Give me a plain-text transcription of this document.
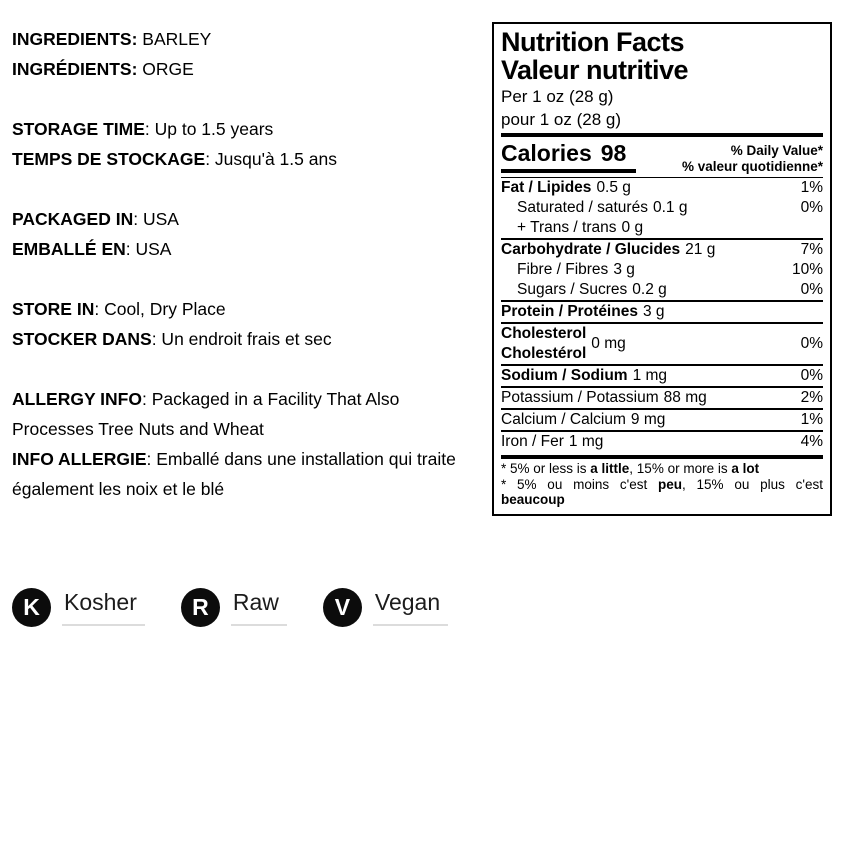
INGREDIENTS: BARLEY
INGRÉDIENTS: ORGE
STORAGE TIME: Up to 1.5 years
TEMPS DE STOCKAGE: Jusqu'à 1.5 ans
PACKAGED IN: USA
EMBALLÉ EN: USA
STORE IN: Cool, Dry Place
STOCKER DANS: Un endroit frais et sec
ALLERGY INFO: Packaged in a Facility That Also Processes Tree Nuts and Wheat
INFO ALLERGIE: Emballé dans une installation qui traite également les noix et le blé
Nutrition Facts
Valeur nutritive
Per 1 oz (28 g)
pour 1 oz (28 g)
Calories 98	% Daily Value*
% valeur quotidienne*
Fat / Lipides 0.5 g	1%
Saturated / saturés 0.1 g	0%
+ Trans / trans 0 g
Carbohydrate / Glucides 21 g	7%
Fibre / Fibres 3 g	10%
Sugars / Sucres 0.2 g	0%
Protein / Protéines 3 g
Cholesterol
Cholestérol
0 mg	0%
Sodium / Sodium 1 mg	0%
Potassium / Potassium 88 mg	2%
Calcium / Calcium 9 mg	1%
Iron / Fer 1 mg	4%
* 5% or less is a little, 15% or more is a lot
* 5% ou moins c'est peu, 15% ou plus c'est beaucoup
K	Kosher	R	Raw	V	Vegan
